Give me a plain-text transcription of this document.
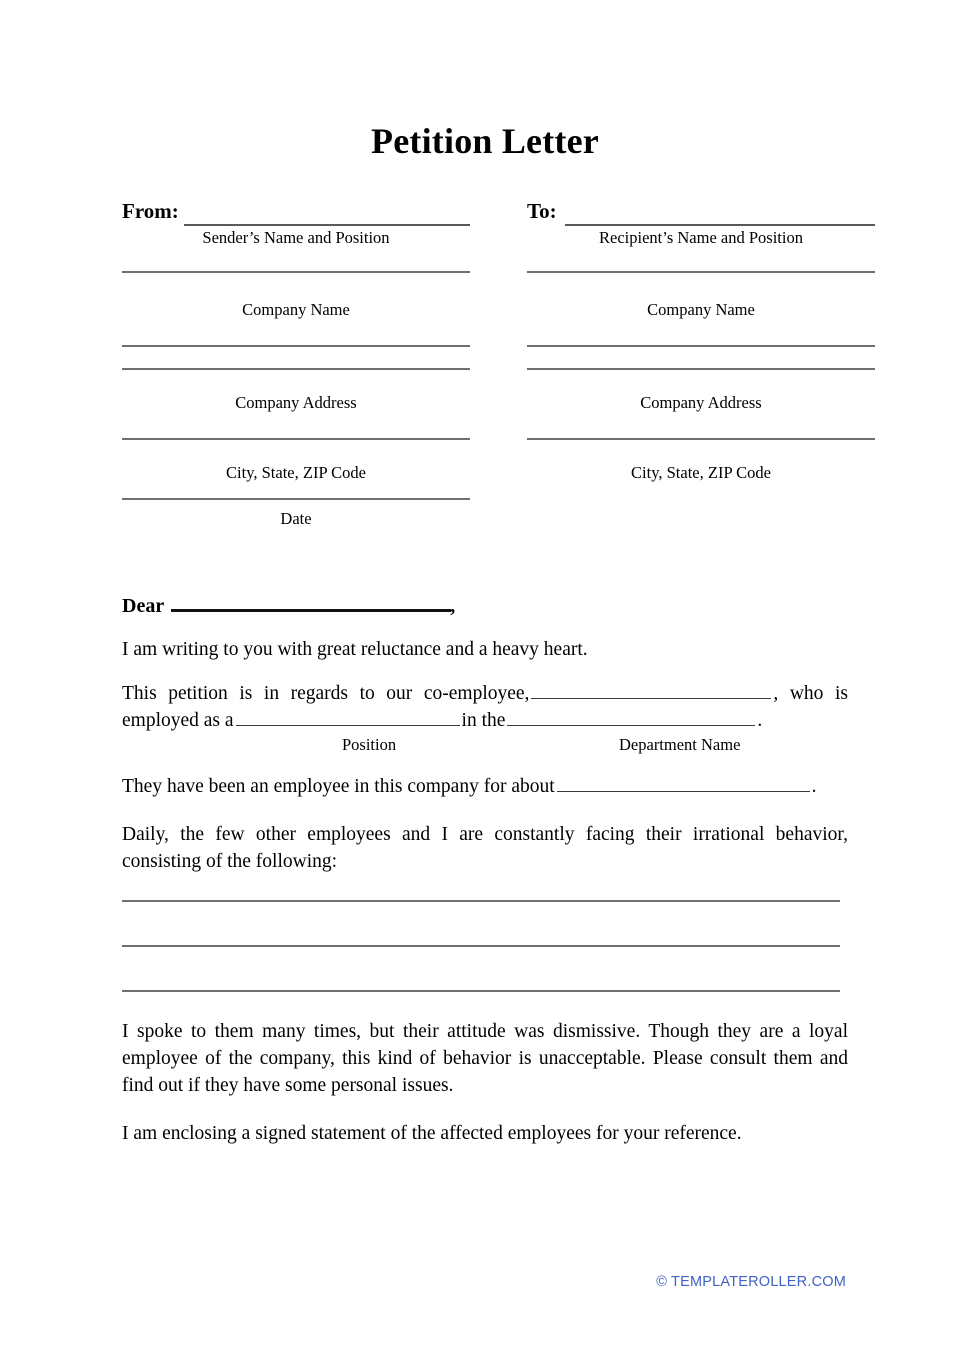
Petition Letter
From:
Sender’s Name and Position
Company Name
Company Address
City, State, ZIP Code
To:
Recipient’s Name and Position
Company Name
Company Address
City, State, ZIP Code
Date
Dear	,

I am writing to you with great reluctance and a heavy heart.

This petition is in regards to our co-employee,	, who is employed as a	in the	.

Position	Department Name

They have been an employee in this company for about	.

Daily, the few other employees and I are constantly facing their irrational behavior, consisting of the following:

I spoke to them many times, but their attitude was dismissive. Though they are a loyal employee of the company, this kind of behavior is unacceptable. Please consult them and find out if they have some personal issues.

I am enclosing a signed statement of the affected employees for your reference.

© TEMPLATEROLLER.COM
